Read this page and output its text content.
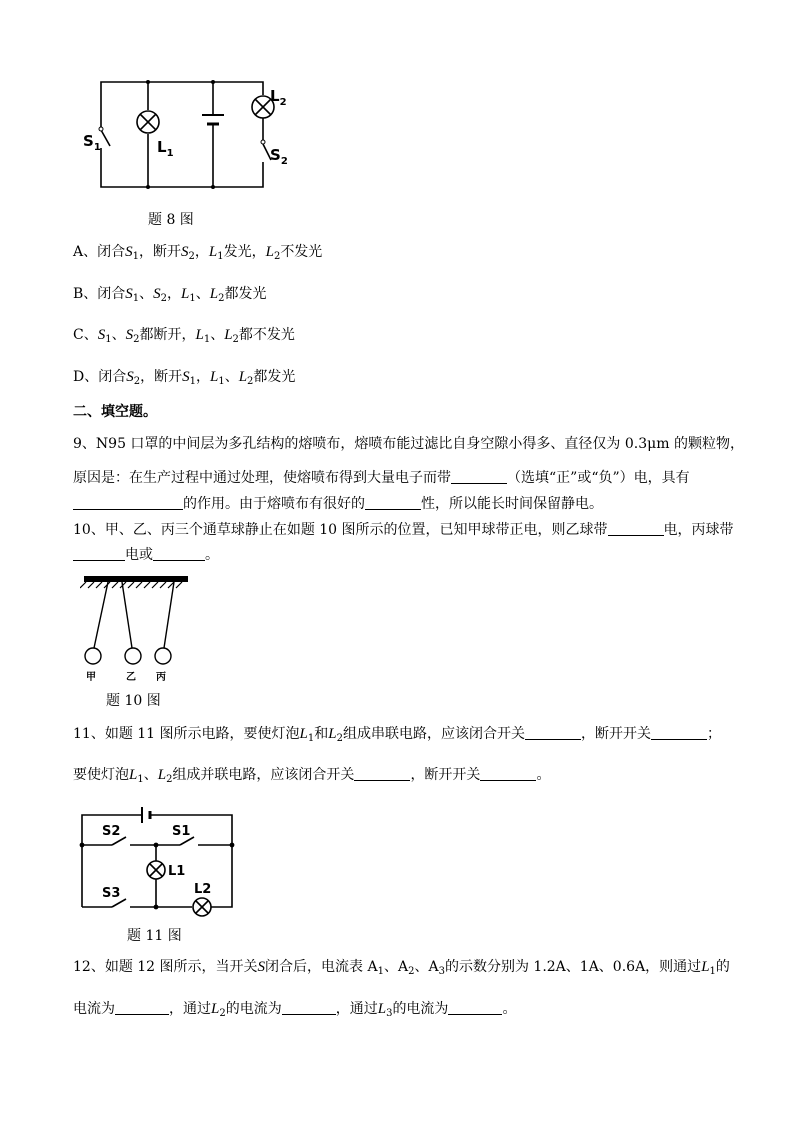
$S_1$	$L_1$
$L_2$
$S_2$
题 8 图
A、闭合$S_1$，断开$S_2$，$L_1$发光，$L_2$不发光
B、闭合$S_1$、$S_2$，$L_1$、$L_2$都发光
C、$S_1$、$S_2$都断开，$L_1$、$L_2$都不发光
D、闭合$S_2$，断开$S_1$，$L_1$、$L_2$都发光
二、填空题。
9、N95 口罩的中间层为多孔结构的熔喷布，熔喷布能过滤比自身空隙小得多、直径仅为 0.3μm 的颗粒物，
原因是：在生产过程中通过处理，使熔喷布得到大量电子而带	（选填“正”或“负”）电，具有
的作用。由于熔喷布有很好的	性，所以能长时间保留静电。
10、甲、乙、丙三个通草球静止在如题 10 图所示的位置，已知甲球带正电，则乙球带	电，丙球带
电或	。
甲	乙 丙
题 10 图
11、如题 11 图所示电路，要使灯泡$L_1$和$L_2$组成串联电路，应该闭合开关	，断开开关	；
要使灯泡$L_1$、$L_2$组成并联电路，应该闭合开关	，断开开关	。
S2	S1
L1
S3	L2
题 11 图
12、如题 12 图所示，当开关S闭合后，电流表 $A_1$、$A_2$、$A_3$的示数分别为 1.2A、1A、0.6A，则通过$L_1$的
电流为	，通过$L_2$的电流为	，通过$L_3$的电流为	。
